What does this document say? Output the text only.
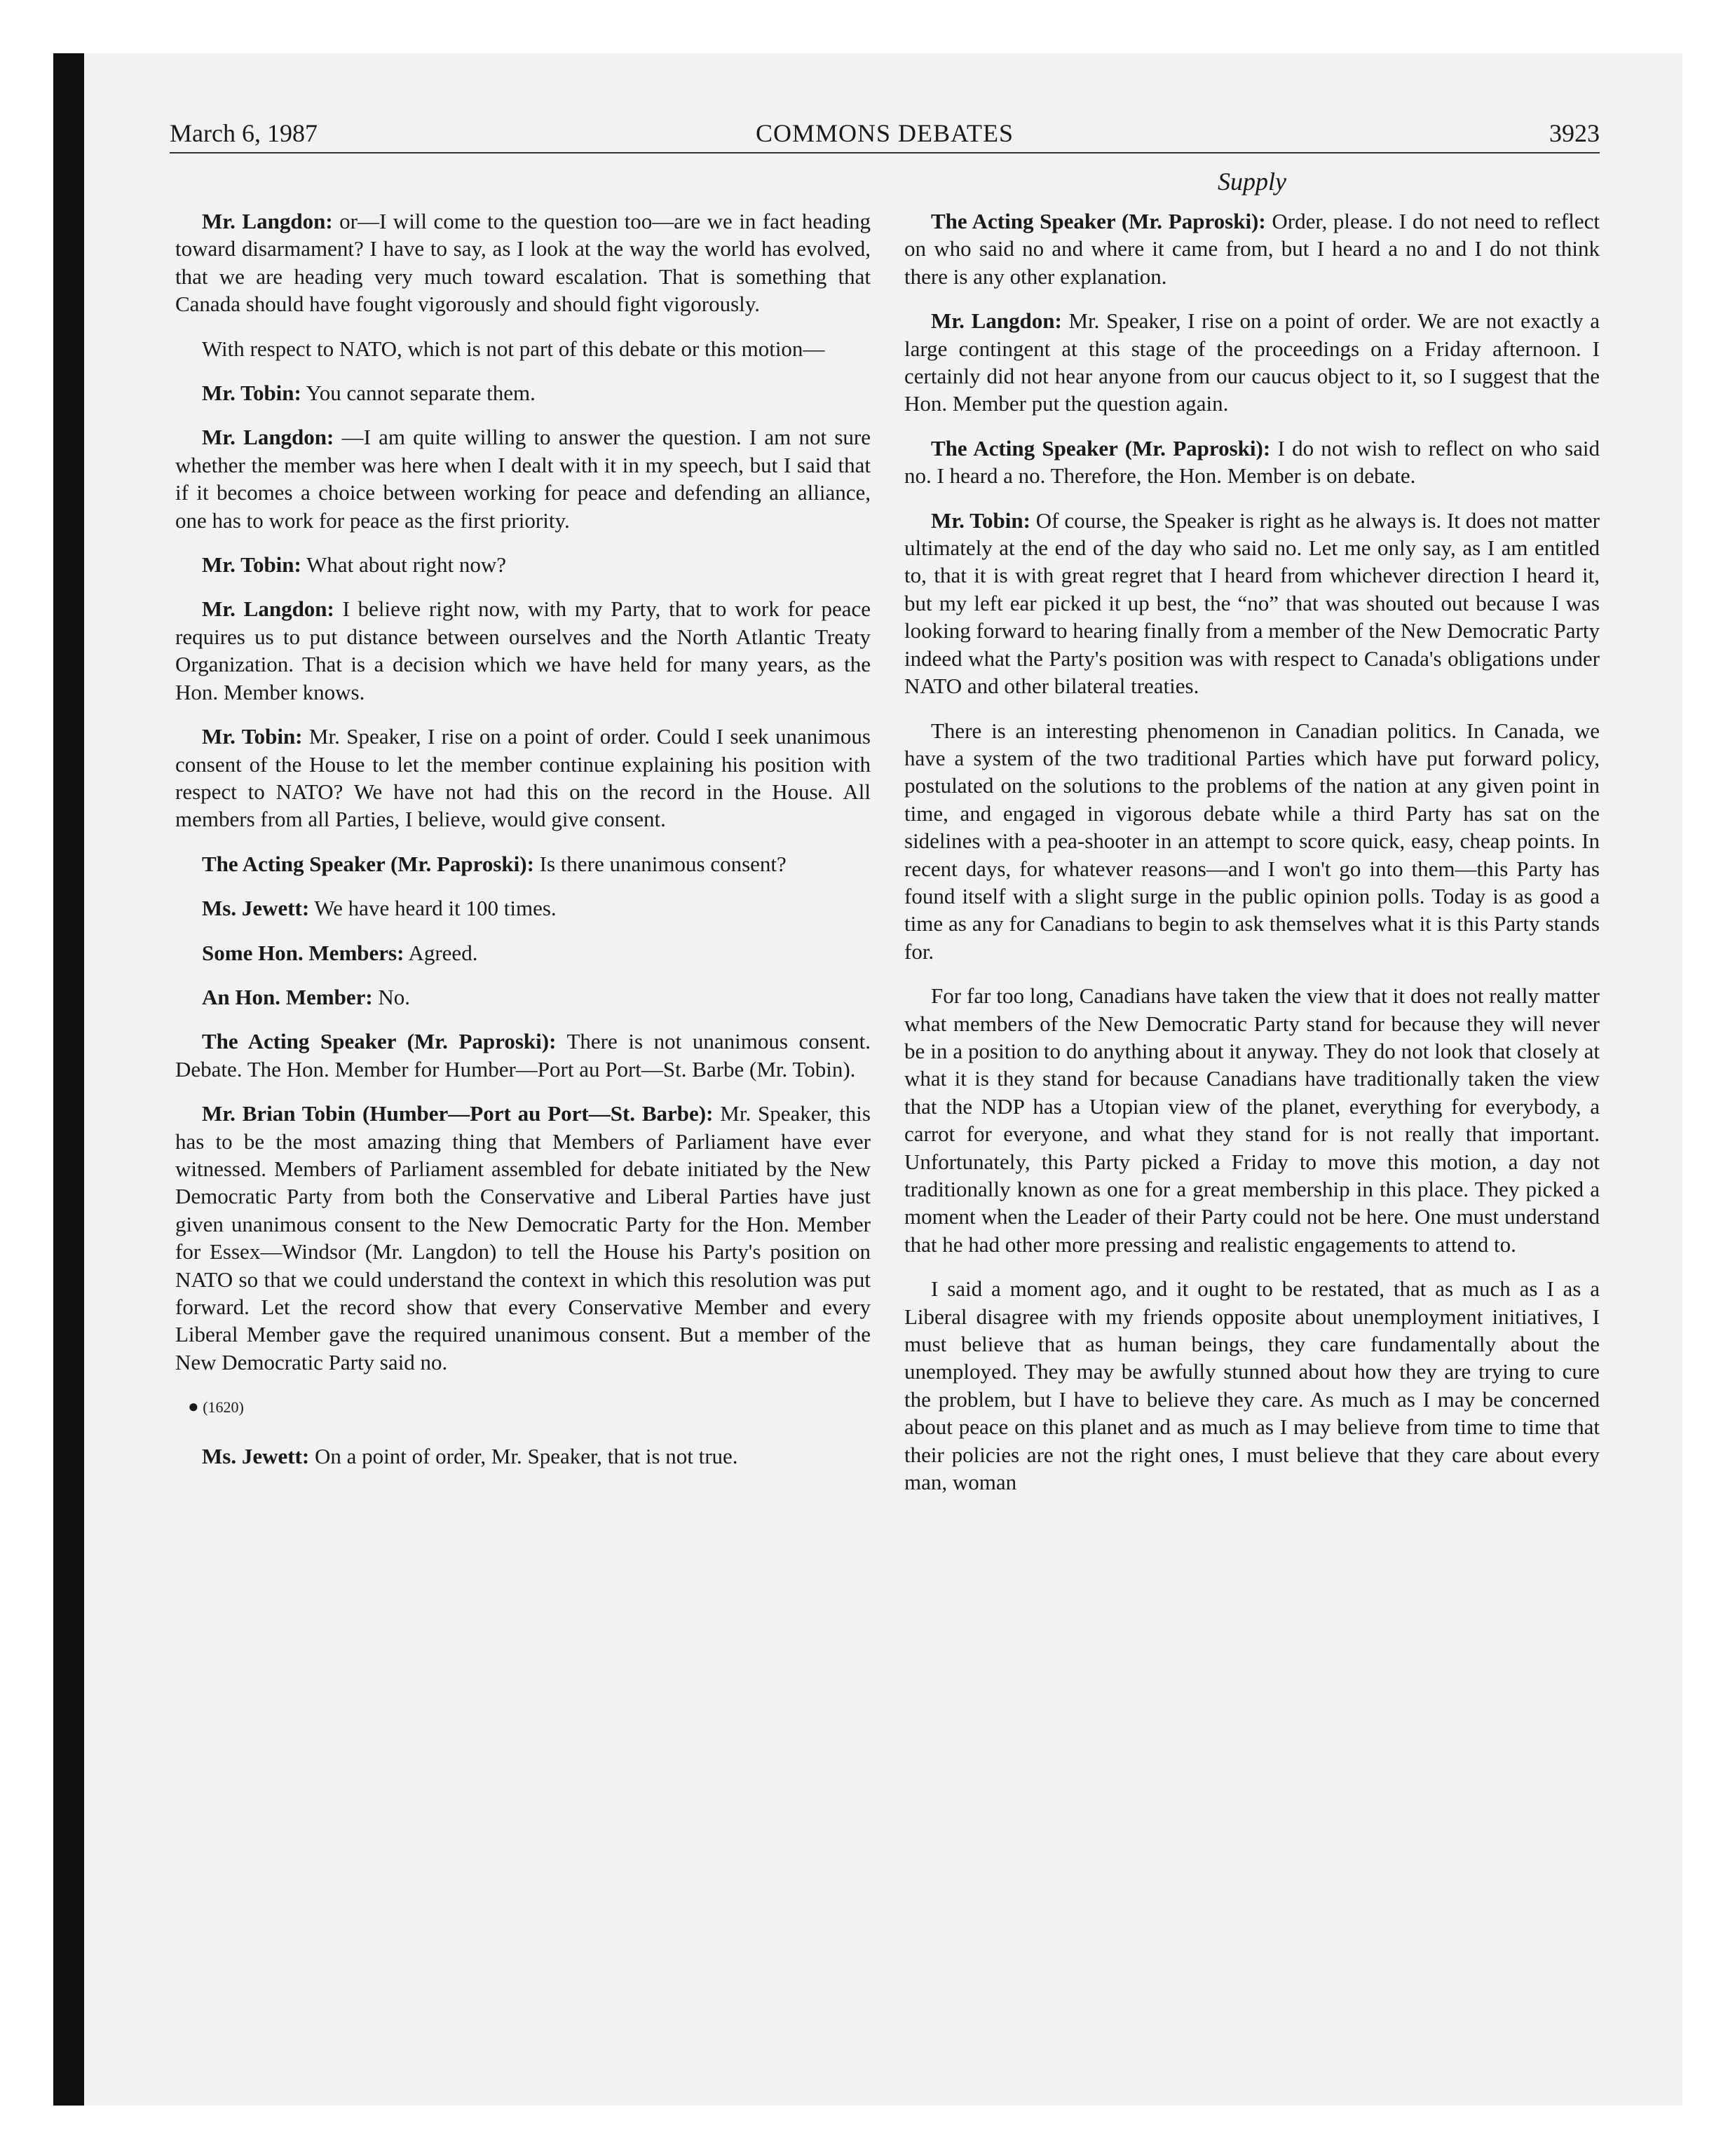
March 6, 1987	COMMONS DEBATES	3923
Supply

Mr. Langdon: or—I will come to the question too—are we in fact heading toward disarmament? I have to say, as I look at the way the world has evolved, that we are heading very much toward escalation. That is something that Canada should have fought vigorously and should fight vigorously.

With respect to NATO, which is not part of this debate or this motion—

Mr. Tobin: You cannot separate them.

Mr. Langdon: —I am quite willing to answer the question. I am not sure whether the member was here when I dealt with it in my speech, but I said that if it becomes a choice between working for peace and defending an alliance, one has to work for peace as the first priority.

Mr. Tobin: What about right now?

Mr. Langdon: I believe right now, with my Party, that to work for peace requires us to put distance between ourselves and the North Atlantic Treaty Organization. That is a decision which we have held for many years, as the Hon. Member knows.

Mr. Tobin: Mr. Speaker, I rise on a point of order. Could I seek unanimous consent of the House to let the member continue explaining his position with respect to NATO? We have not had this on the record in the House. All members from all Parties, I believe, would give consent.

The Acting Speaker (Mr. Paproski): Is there unanimous consent?

Ms. Jewett: We have heard it 100 times.

Some Hon. Members: Agreed.

An Hon. Member: No.

The Acting Speaker (Mr. Paproski): There is not unanimous consent. Debate. The Hon. Member for Humber—Port au Port—St. Barbe (Mr. Tobin).

Mr. Brian Tobin (Humber—Port au Port—St. Barbe): Mr. Speaker, this has to be the most amazing thing that Members of Parliament have ever witnessed. Members of Parliament assembled for debate initiated by the New Democratic Party from both the Conservative and Liberal Parties have just given unanimous consent to the New Democratic Party for the Hon. Member for Essex—Windsor (Mr. Langdon) to tell the House his Party's position on NATO so that we could understand the context in which this resolution was put forward. Let the record show that every Conservative Member and every Liberal Member gave the required unanimous consent. But a member of the New Democratic Party said no.

● (1620)

Ms. Jewett: On a point of order, Mr. Speaker, that is not true.

The Acting Speaker (Mr. Paproski): Order, please. I do not need to reflect on who said no and where it came from, but I heard a no and I do not think there is any other explanation.

Mr. Langdon: Mr. Speaker, I rise on a point of order. We are not exactly a large contingent at this stage of the proceedings on a Friday afternoon. I certainly did not hear anyone from our caucus object to it, so I suggest that the Hon. Member put the question again.

The Acting Speaker (Mr. Paproski): I do not wish to reflect on who said no. I heard a no. Therefore, the Hon. Member is on debate.

Mr. Tobin: Of course, the Speaker is right as he always is. It does not matter ultimately at the end of the day who said no. Let me only say, as I am entitled to, that it is with great regret that I heard from whichever direction I heard it, but my left ear picked it up best, the “no” that was shouted out because I was looking forward to hearing finally from a member of the New Democratic Party indeed what the Party's position was with respect to Canada's obligations under NATO and other bilateral treaties.

There is an interesting phenomenon in Canadian politics. In Canada, we have a system of the two traditional Parties which have put forward policy, postulated on the solutions to the problems of the nation at any given point in time, and engaged in vigorous debate while a third Party has sat on the sidelines with a pea-shooter in an attempt to score quick, easy, cheap points. In recent days, for whatever reasons—and I won't go into them—this Party has found itself with a slight surge in the public opinion polls. Today is as good a time as any for Canadians to begin to ask themselves what it is this Party stands for.

For far too long, Canadians have taken the view that it does not really matter what members of the New Democratic Party stand for because they will never be in a position to do anything about it anyway. They do not look that closely at what it is they stand for because Canadians have traditionally taken the view that the NDP has a Utopian view of the planet, everything for everybody, a carrot for everyone, and what they stand for is not really that important. Unfortunately, this Party picked a Friday to move this motion, a day not traditionally known as one for a great membership in this place. They picked a moment when the Leader of their Party could not be here. One must understand that he had other more pressing and realistic engagements to attend to.

I said a moment ago, and it ought to be restated, that as much as I as a Liberal disagree with my friends opposite about unemployment initiatives, I must believe that as human beings, they care fundamentally about the unemployed. They may be awfully stunned about how they are trying to cure the problem, but I have to believe they care. As much as I may be concerned about peace on this planet and as much as I may believe from time to time that their policies are not the right ones, I must believe that they care about every man, woman
